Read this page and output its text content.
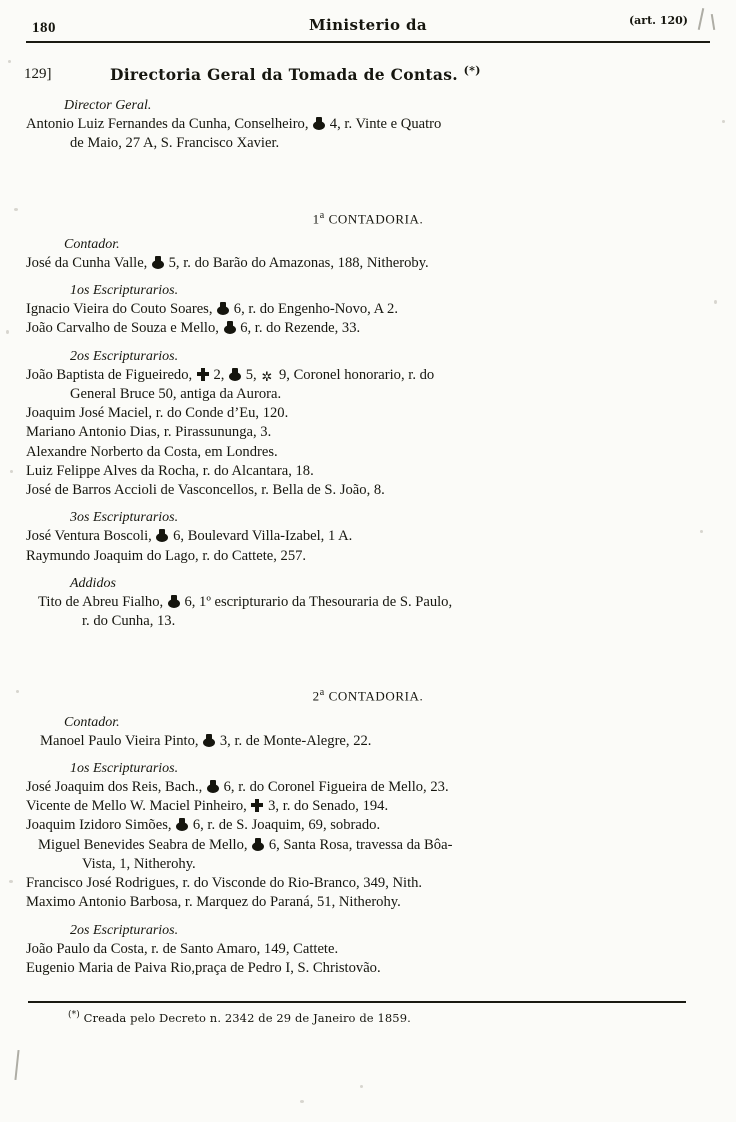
180	Ministerio da	(art. 120)
129]	Directoria Geral da Tomada de Contas. (*)
Director Geral.
Antonio Luiz Fernandes da Cunha, Conselheiro,  4, r. Vinte e Quatro
de Maio, 27 A, S. Francisco Xavier.
1$^a$ CONTADORIA.
Contador.
José da Cunha Valle,  5, r. do Barão do Amazonas, 188, Nitheroby.
1os Escripturarios.
Ignacio Vieira do Couto Soares,  6, r. do Engenho-Novo, A 2.
João Carvalho de Souza e Mello,  6, r. do Rezende, 33.
2os Escripturarios.
João Baptista de Figueiredo,  2,  5, ✲ 9, Coronel honorario, r. do
General Bruce 50, antiga da Aurora.
Joaquim José Maciel, r. do Conde d’Eu, 120.
Mariano Antonio Dias, r. Pirassununga, 3.
Alexandre Norberto da Costa, em Londres.
Luiz Felippe Alves da Rocha, r. do Alcantara, 18.
José de Barros Accioli de Vasconcellos, r. Bella de S. João, 8.
3os Escripturarios.
José Ventura Boscoli,  6, Boulevard Villa-Izabel, 1 A.
Raymundo Joaquim do Lago, r. do Cattete, 257.
Addidos
Tito de Abreu Fialho,  6, 1º escripturario da Thesouraria de S. Paulo,
r. do Cunha, 13.
2$^a$ CONTADORIA.
Contador.
Manoel Paulo Vieira Pinto,  3, r. de Monte-Alegre, 22.
1os Escripturarios.
José Joaquim dos Reis, Bach.,  6, r. do Coronel Figueira de Mello, 23.
Vicente de Mello W. Maciel Pinheiro,  3, r. do Senado, 194.
Joaquim Izidoro Simões,  6, r. de S. Joaquim, 69, sobrado.
Miguel Benevides Seabra de Mello,  6, Santa Rosa, travessa da Bôa-
Vista, 1, Nitherohy.
Francisco José Rodrigues, r. do Visconde do Rio-Branco, 349, Nith.
Maximo Antonio Barbosa, r. Marquez do Paraná, 51, Nitherohy.
2os Escripturarios.
João Paulo da Costa, r. de Santo Amaro, 149, Cattete.
Eugenio Maria de Paiva Rio,praça de Pedro I, S. Christovão.
(*) Creada pelo Decreto n. 2342 de 29 de Janeiro de 1859.
